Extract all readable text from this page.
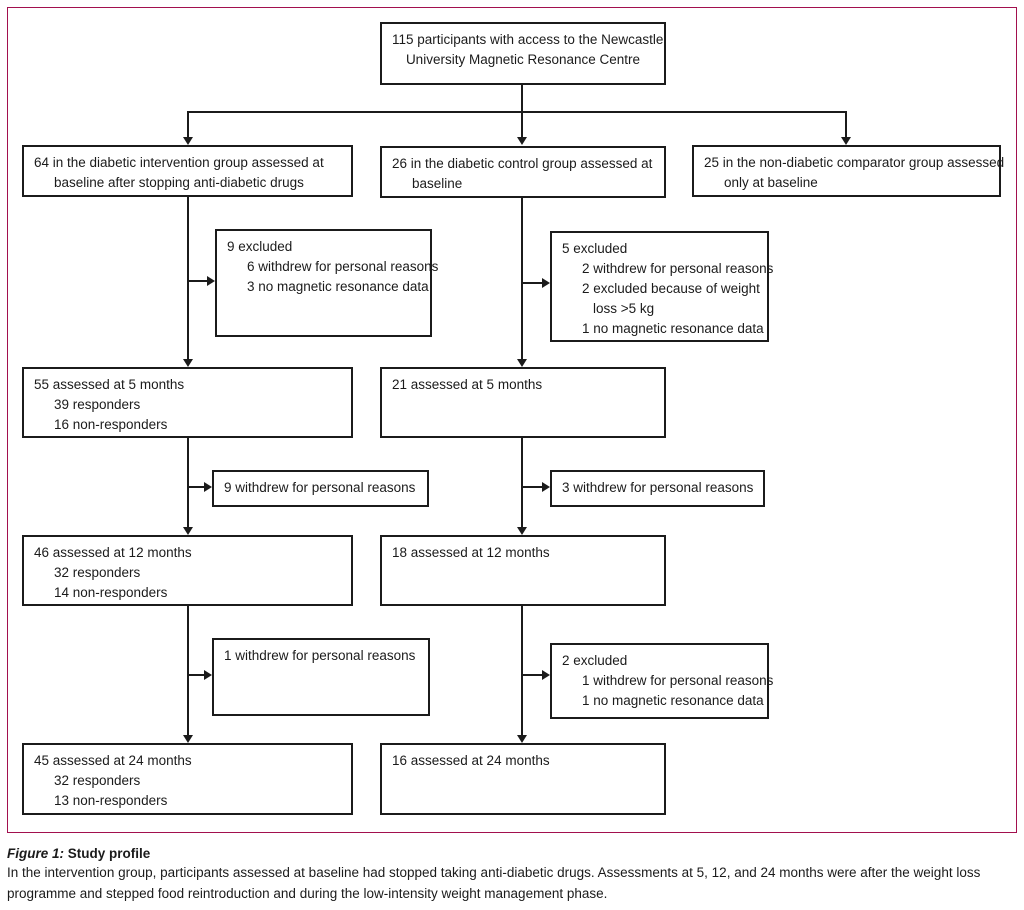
115 participants with access to the Newcastle
University Magnetic Resonance Centre
64 in the diabetic intervention group assessed at
baseline after stopping anti-diabetic drugs
26 in the diabetic control group assessed at
baseline
25 in the non-diabetic comparator group assessed
only at baseline
9 excluded
6 withdrew for personal reasons
3 no magnetic resonance data
5 excluded
2 withdrew for personal reasons
2 excluded because of weight
loss >5 kg
1 no magnetic resonance data
55 assessed at 5 months
39 responders
16 non-responders
21 assessed at 5 months
9 withdrew for personal reasons	3 withdrew for personal reasons
46 assessed at 12 months
32 responders
14 non-responders
18 assessed at 12 months
1 withdrew for personal reasons	2 excluded
1 withdrew for personal reasons
1 no magnetic resonance data
45 assessed at 24 months
32 responders
13 non-responders
16 assessed at 24 months
Figure 1: Study profile
In the intervention group, participants assessed at baseline had stopped taking anti-diabetic drugs. Assessments at 5, 12, and 24 months were after the weight loss programme and stepped food reintroduction and during the low-intensity weight management phase.
